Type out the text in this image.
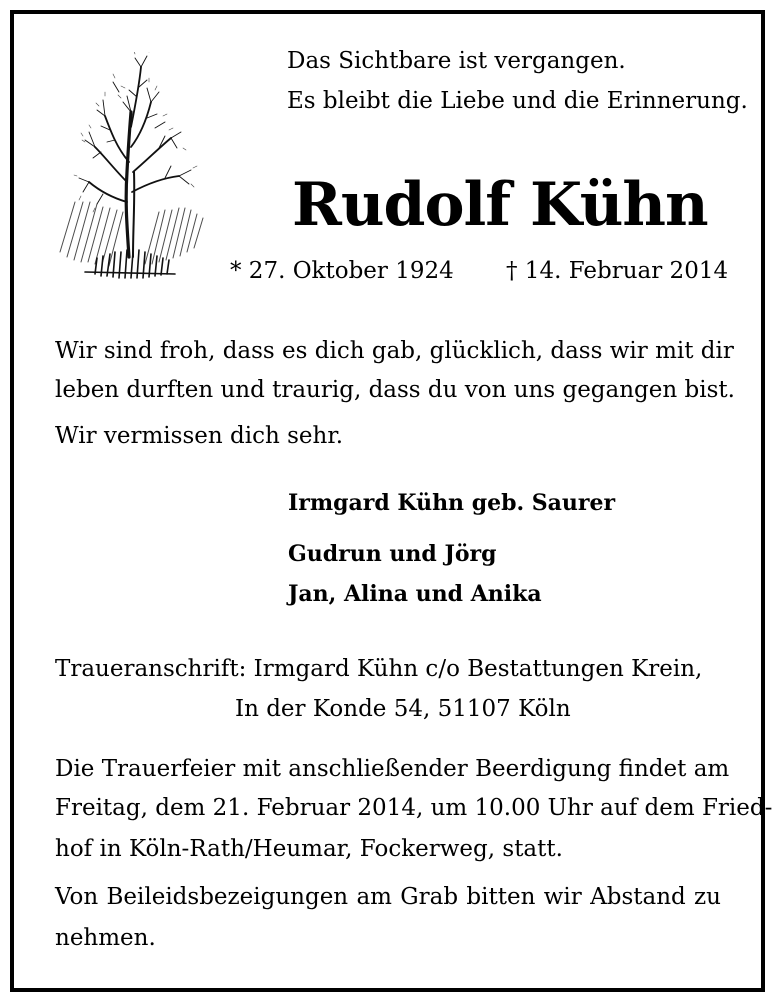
Das Sichtbare ist vergangen.
Es bleibt die Liebe und die Erinnerung.
Rudolf Kühn
* 27. Oktober 1924 † 14. Februar 2014
Wir sind froh, dass es dich gab, glücklich, dass wir mit dir
leben durften und traurig, dass du von uns gegangen bist.
Wir vermissen dich sehr.
Irmgard Kühn geb. Saurer
Gudrun und Jörg
Jan, Alina und Anika
Traueranschrift: Irmgard Kühn c/o Bestattungen Krein,
In der Konde 54, 51107 Köln
Die Trauerfeier mit anschließender Beerdigung findet am
Freitag, dem 21. Februar 2014, um 10.00 Uhr auf dem Fried-
hof in Köln-Rath/Heumar, Fockerweg, statt.
Von Beileidsbezeigungen am Grab bitten wir Abstand zu
nehmen.
